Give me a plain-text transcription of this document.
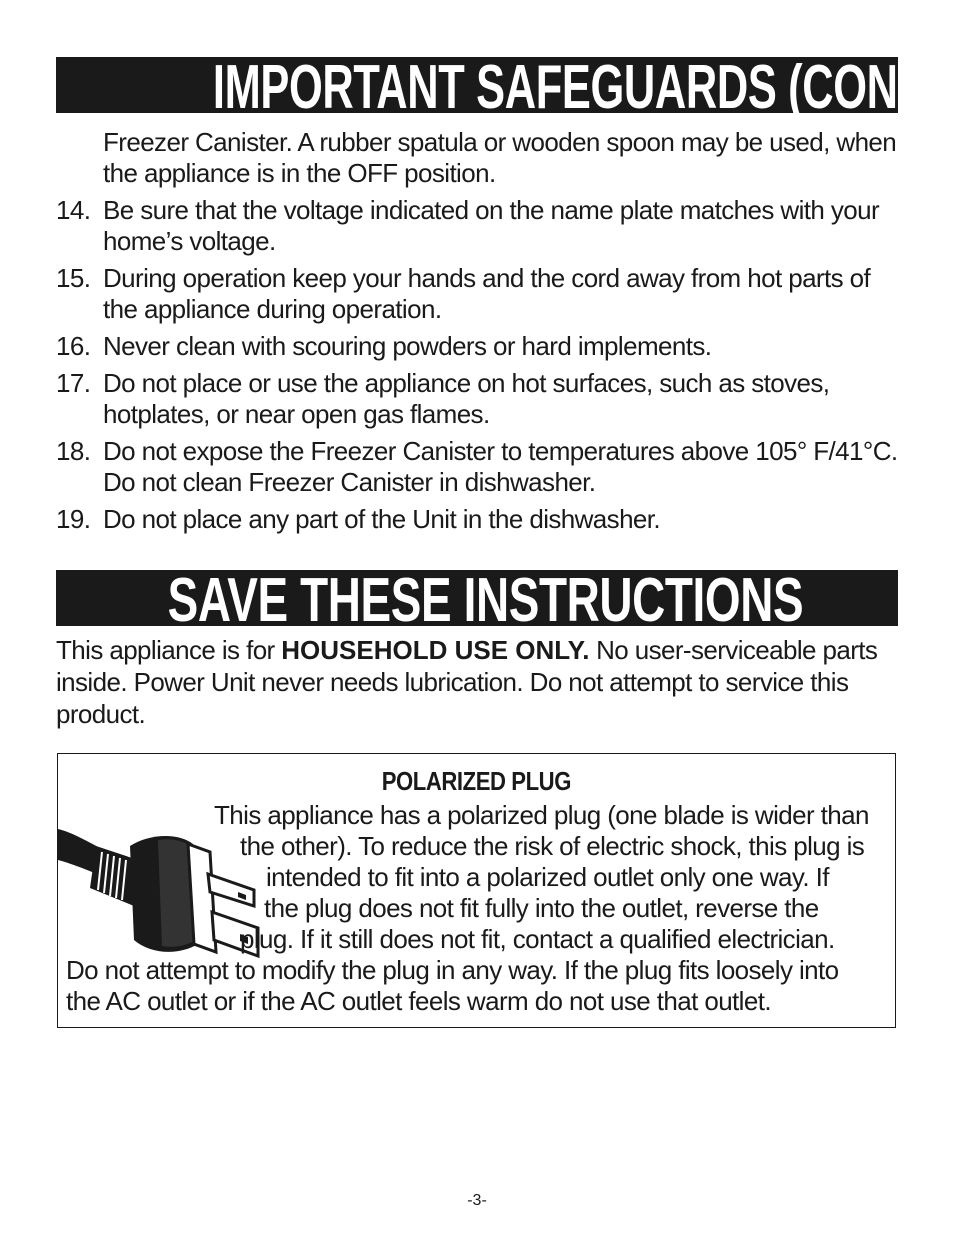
IMPORTANT SAFEGUARDS (CONT.)
Freezer Canister. A rubber spatula or wooden spoon may be used, when the appliance is in the OFF position.
14. Be sure that the voltage indicated on the name plate matches with your home’s voltage.
15. During operation keep your hands and the cord away from hot parts of the appliance during operation.
16. Never clean with scouring powders or hard implements.
17. Do not place or use the appliance on hot surfaces, such as stoves, hotplates, or near open gas flames.
18. Do not expose the Freezer Canister to temperatures above 105° F/41°C. Do not clean Freezer Canister in dishwasher.
19. Do not place any part of the Unit in the dishwasher.
SAVE THESE INSTRUCTIONS
This appliance is for HOUSEHOLD USE ONLY. No user-serviceable parts inside. Power Unit never needs lubrication. Do not attempt to service this product.
POLARIZED PLUG
This appliance has a polarized plug (one blade is wider than
the other). To reduce the risk of electric shock, this plug is
intended to fit into a polarized outlet only one way. If
the plug does not fit fully into the outlet, reverse the
plug. If it still does not fit, contact a qualified electrician.
Do not attempt to modify the plug in any way. If the plug fits loosely into
the AC outlet or if the AC outlet feels warm do not use that outlet.
-3-
